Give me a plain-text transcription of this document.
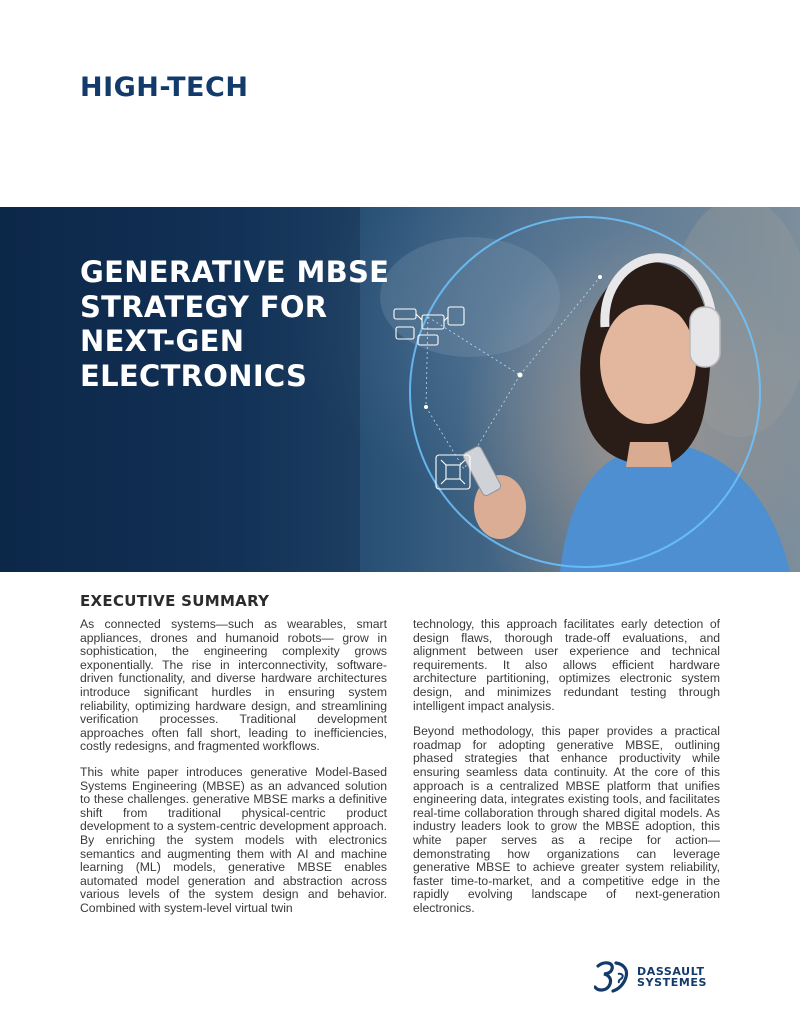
HIGH-TECH
GENERATIVE MBSE
STRATEGY FOR
NEXT-GEN
ELECTRONICS
EXECUTIVE SUMMARY

As connected systems—such as wearables, smart appliances, drones and humanoid robots— grow in sophistication, the engineering complexity grows exponentially. The rise in interconnectivity, software-driven functionality, and diverse hardware architectures introduce significant hurdles in ensuring system reliability, optimizing hardware design, and streamlining verification processes. Traditional development approaches often fall short, leading to inefficiencies, costly redesigns, and fragmented workflows.

This white paper introduces generative Model-Based Systems Engineering (MBSE) as an advanced solution to these challenges. generative MBSE marks a definitive shift from traditional physical-centric product development to a system-centric development approach. By enriching the system models with electronics semantics and augmenting them with AI and machine learning (ML) models, generative MBSE enables automated model generation and abstraction across various levels of the system design and behavior. Combined with system-level virtual twin

technology, this approach facilitates early detection of design flaws, thorough trade-off evaluations, and alignment between user experience and technical requirements. It also allows efficient hardware architecture partitioning, optimizes electronic system design, and minimizes redundant testing through intelligent impact analysis.

Beyond methodology, this paper provides a practical roadmap for adopting generative MBSE, outlining phased strategies that enhance productivity while ensuring seamless data continuity. At the core of this approach is a centralized MBSE platform that unifies engineering data, integrates existing tools, and facilitates real-time collaboration through shared digital models. As industry leaders look to grow the MBSE adoption, this white paper serves as a recipe for action—demonstrating how organizations can leverage generative MBSE to achieve greater system reliability, faster time-to-market, and a competitive edge in the rapidly evolving landscape of next-generation electronics.

DASSAULT
SYSTEMES
